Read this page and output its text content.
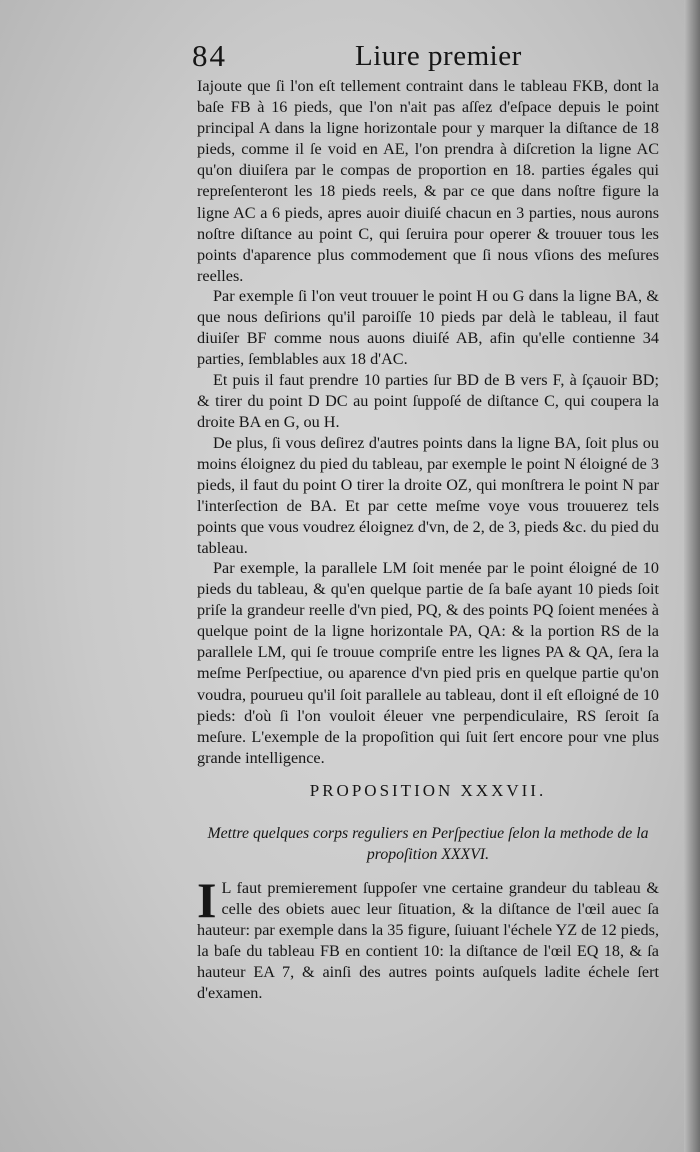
84	Liure premier

Iajoute que ſi l'on eſt tellement contraint dans le tableau FKB, dont la baſe FB à 16 pieds, que l'on n'ait pas aſſez d'eſpace depuis le point principal A dans la ligne horizontale pour y marquer la diſtance de 18 pieds, comme il ſe void en AE, l'on prendra à diſcretion la ligne AC qu'on diuiſera par le compas de proportion en 18. parties égales qui repreſenteront les 18 pieds reels, & par ce que dans noſtre figure la ligne AC a 6 pieds, apres auoir diuiſé chacun en 3 parties, nous aurons noſtre diſtance au point C, qui ſeruira pour operer & trouuer tous les points d'aparence plus commodement que ſi nous vſions des meſures reelles.

Par exemple ſi l'on veut trouuer le point H ou G dans la ligne BA, & que nous deſirions qu'il paroiſſe 10 pieds par delà le tableau, il faut diuiſer BF comme nous auons diuiſé AB, afin qu'elle contienne 34 parties, ſemblables aux 18 d'AC.

Et puis il faut prendre 10 parties ſur BD de B vers F, à ſçauoir BD; & tirer du point D DC au point ſuppoſé de diſtance C, qui coupera la droite BA en G, ou H.

De plus, ſi vous deſirez d'autres points dans la ligne BA, ſoit plus ou moins éloignez du pied du tableau, par exemple le point N éloigné de 3 pieds, il faut du point O tirer la droite OZ, qui monſtrera le point N par l'interſection de BA. Et par cette meſme voye vous trouuerez tels points que vous voudrez éloignez d'vn, de 2, de 3, pieds &c. du pied du tableau.

Par exemple, la parallele LM ſoit menée par le point éloigné de 10 pieds du tableau, & qu'en quelque partie de ſa baſe ayant 10 pieds ſoit priſe la grandeur reelle d'vn pied, PQ, & des points PQ ſoient menées à quelque point de la ligne horizontale PA, QA: & la portion RS de la parallele LM, qui ſe trouue compriſe entre les lignes PA & QA, ſera la meſme Perſpectiue, ou aparence d'vn pied pris en quelque partie qu'on voudra, pourueu qu'il ſoit parallele au tableau, dont il eſt eſloigné de 10 pieds: d'où ſi l'on vouloit éleuer vne perpendiculaire, RS ſeroit ſa meſure. L'exemple de la propoſition qui ſuit ſert encore pour vne plus grande intelligence.

PROPOSITION XXXVII.
Mettre quelques corps reguliers en Perſpectiue ſelon la methode de la propoſition XXXVI.
I L faut premierement ſuppoſer vne certaine grandeur du tableau & celle des obiets auec leur ſituation, & la diſtance de l'œil auec ſa hauteur: par exemple dans la 35 figure, ſuiuant l'échele YZ de 12 pieds, la baſe du tableau FB en contient 10: la diſtance de l'œil EQ 18, & ſa hauteur EA 7, & ainſi des autres points auſquels ladite échele ſert d'examen.
